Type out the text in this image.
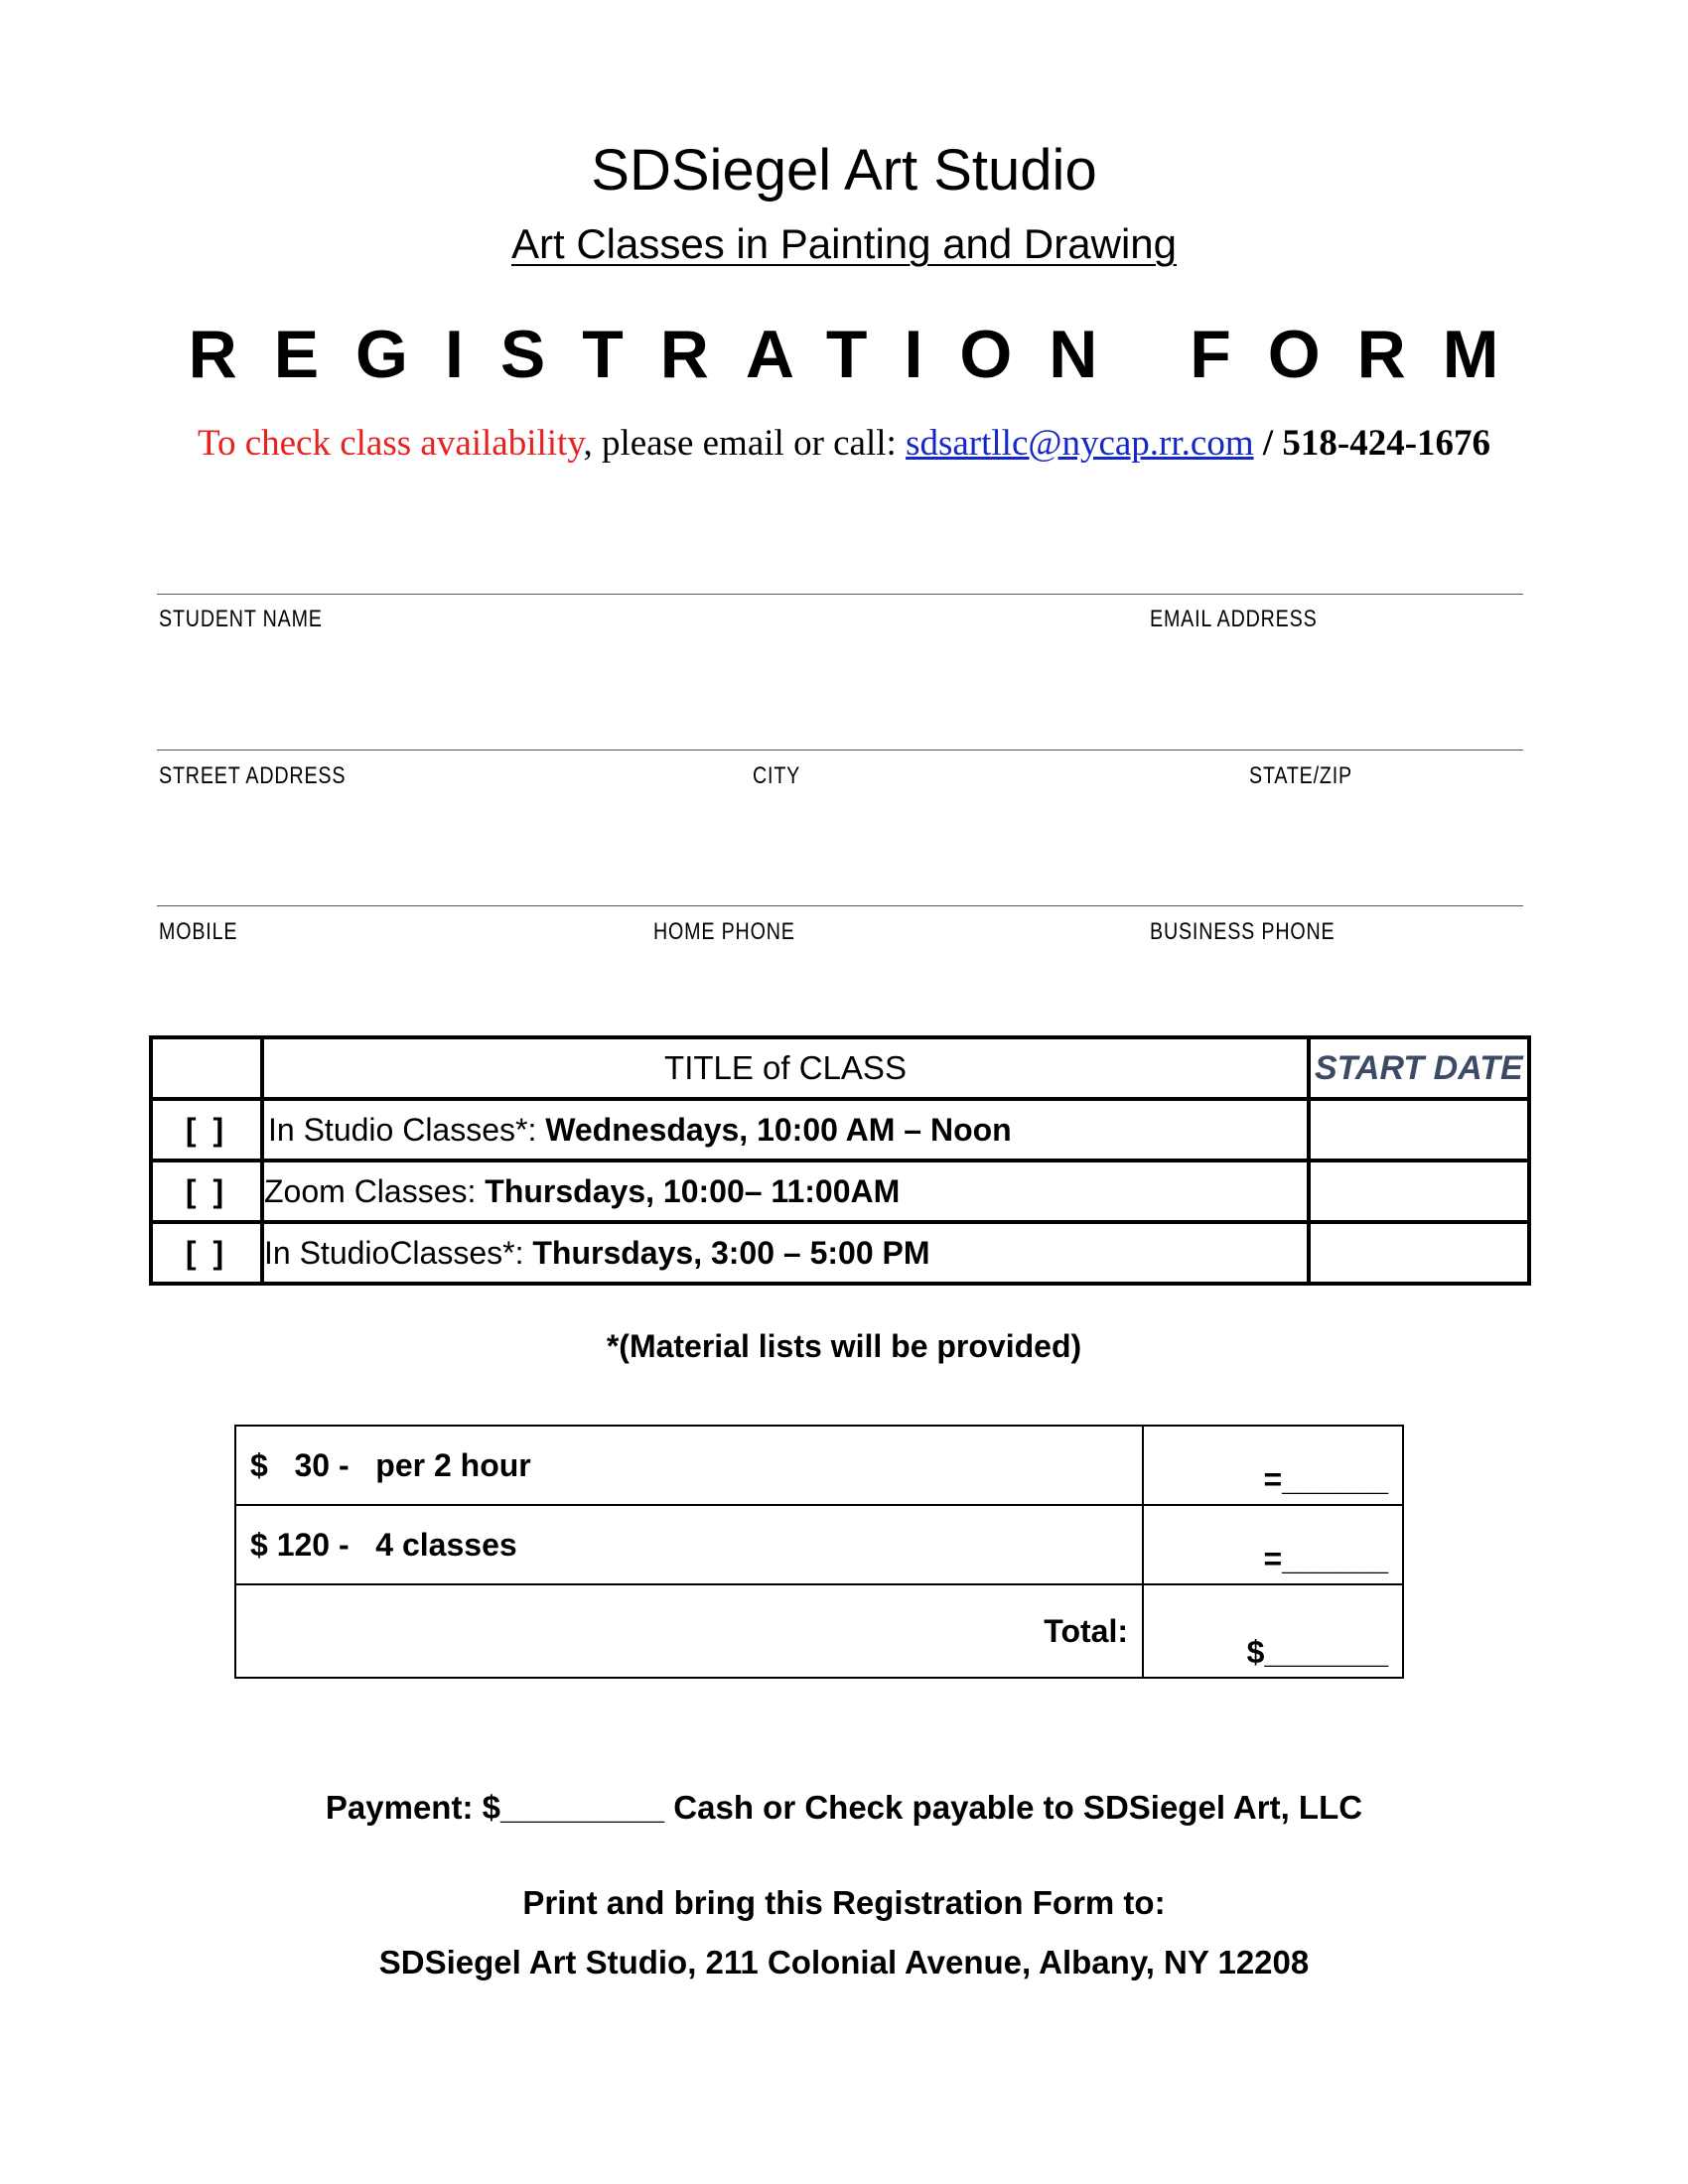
SDSiegel Art Studio
Art Classes in Painting and Drawing
REGISTRATION FORM
To check class availability, please email or call: sdsartllc@nycap.rr.com / 518-424-1676
STUDENT NAME	EMAIL ADDRESS
STREET ADDRESS	CITY	STATE/ZIP
MOBILE	HOME PHONE	BUSINESS PHONE
	TITLE of CLASS	START DATE
[ ]	In Studio Classes*: Wednesdays, 10:00 AM – Noon	
[ ]	Zoom Classes: Thursdays, 10:00– 11:00AM	
[ ]	In StudioClasses*: Thursdays, 3:00 – 5:00 PM	
*(Material lists will be provided)
$   30 -   per 2 hour	=______
$ 120 -   4 classes	=______
Total:	$_______
Payment: $_________ Cash or Check payable to SDSiegel Art, LLC
Print and bring this Registration Form to:
SDSiegel Art Studio, 211 Colonial Avenue, Albany, NY 12208
